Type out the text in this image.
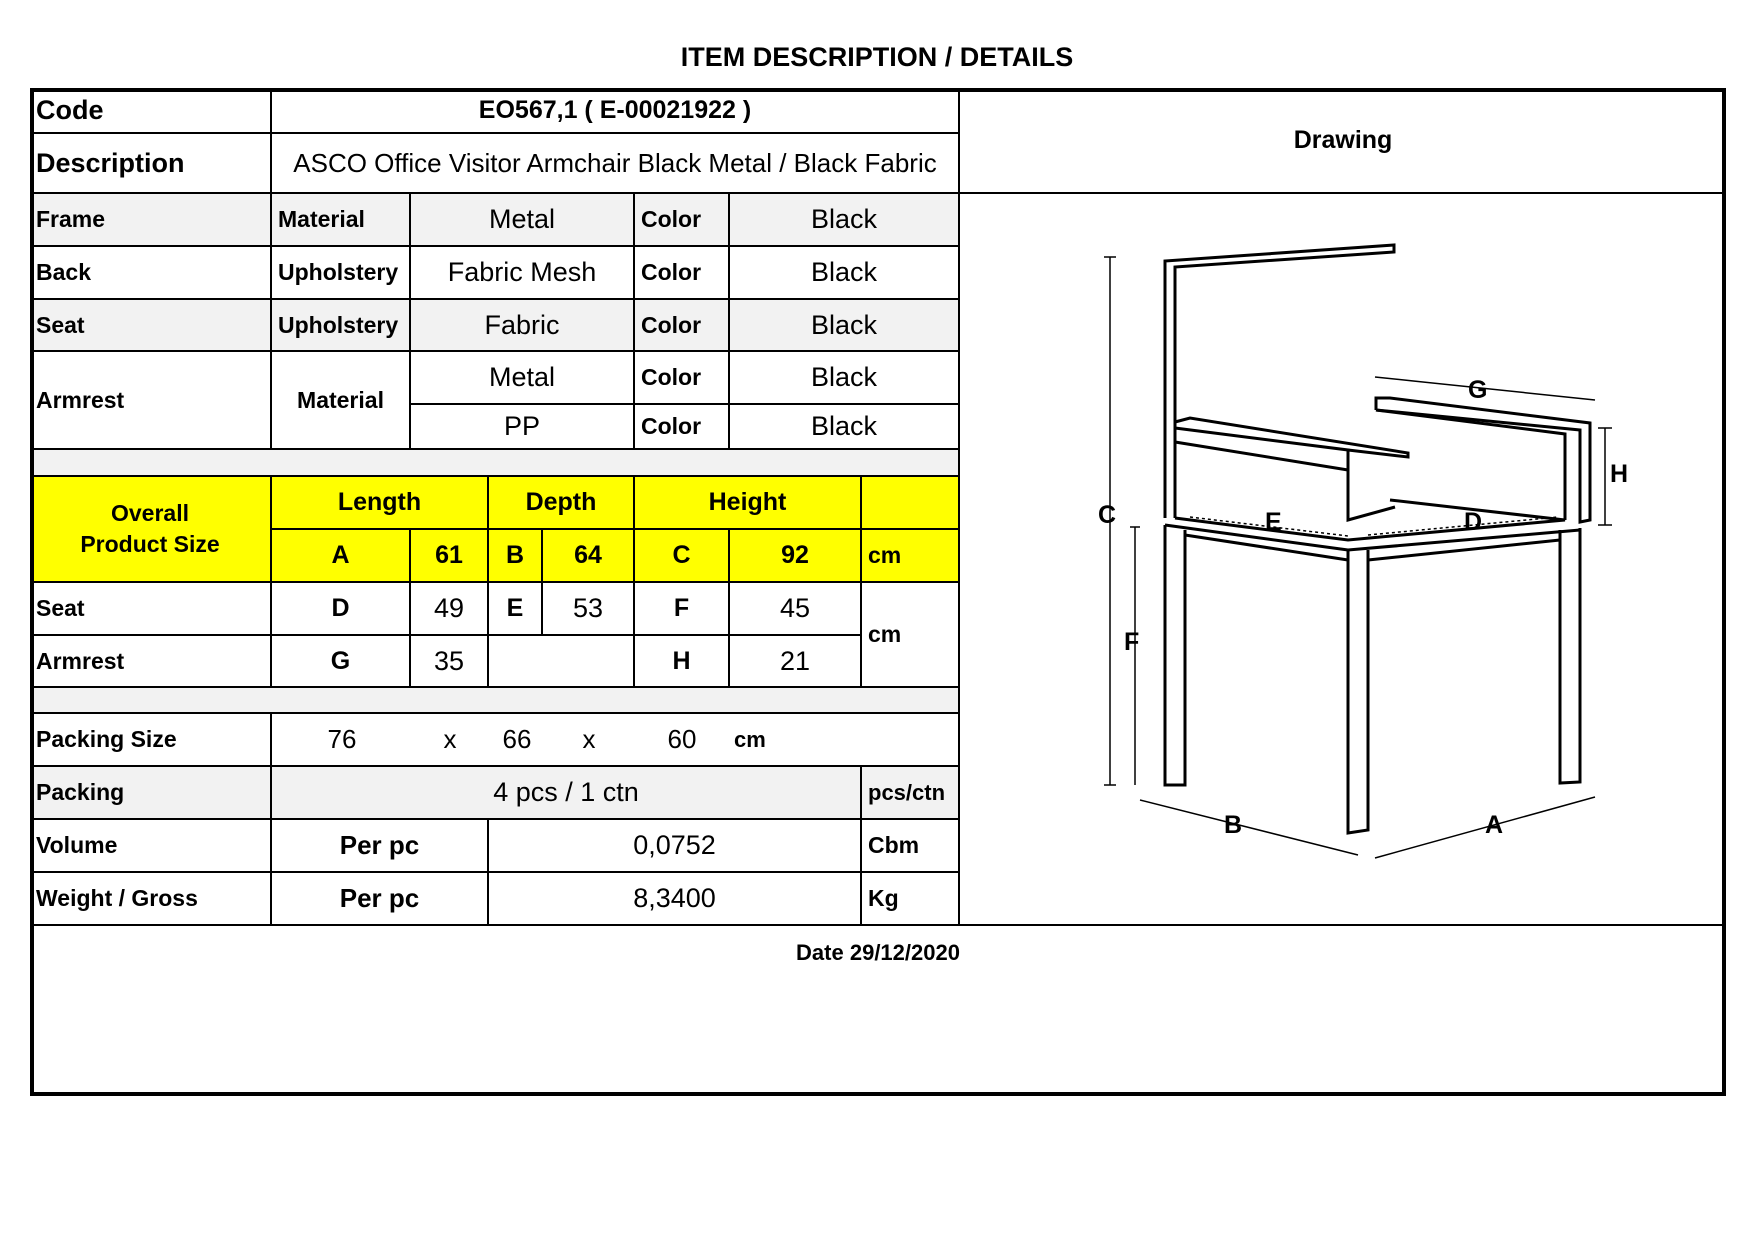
ITEM DESCRIPTION / DETAILS
Code	EO567,1 ( E-00021922 )
Description	ASCO Office Visitor Armchair Black Metal / Black Fabric
Drawing
Frame	Material	Metal	Color	Black
Back	Upholstery	Fabric Mesh	Color	Black
Seat	Upholstery	Fabric	Color	Black
Armrest	Material
Metal	Color	Black
PP	Color	Black
Overall Product Size
Length	Depth	Height
A	61	B	64	C	92	cm
Seat	D	49	E	53	F	45
cm
Armrest	G	35	H	21
Packing Size	76	x	66	x	60	cm
Packing	4 pcs / 1 ctn	pcs/ctn
Volume	Per pc	0,0752	Cbm
Weight / Gross	Per pc	8,3400	Kg
Date 29/12/2020
C
F
B	A
E	D
G
H
